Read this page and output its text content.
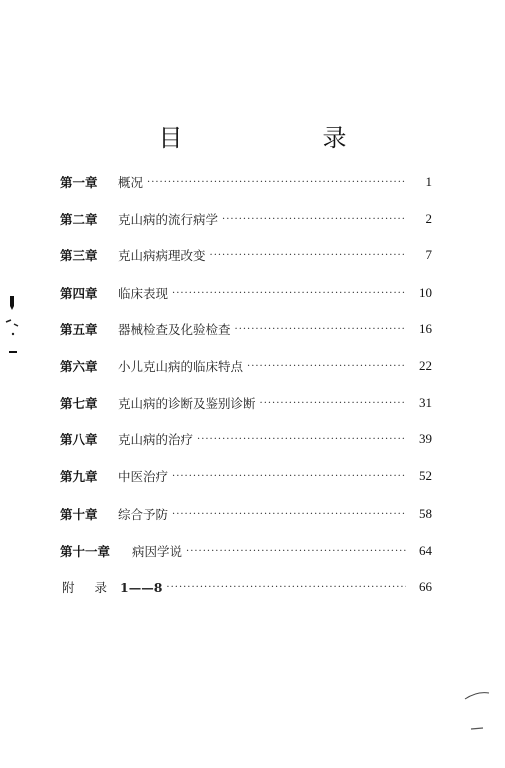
目　录
第一章	概况 ·····	1
第二章	克山病的流行病学 ·····	2
第三章	克山病病理改变 ·····	7
第四章	临床表现 ·····	10
第五章	器械检查及化验检查 ·····	16
第六章	小儿克山病的临床特点 ·····	22
第七章	克山病的诊断及鉴别诊断 ·····	31
第八章	克山病的治疗 ·····	39
第九章	中医治疗 ·····	52
第十章	综合予防 ·····	58
第十一章	病因学说 ·····	64
附 录 1——8 ·····	66
